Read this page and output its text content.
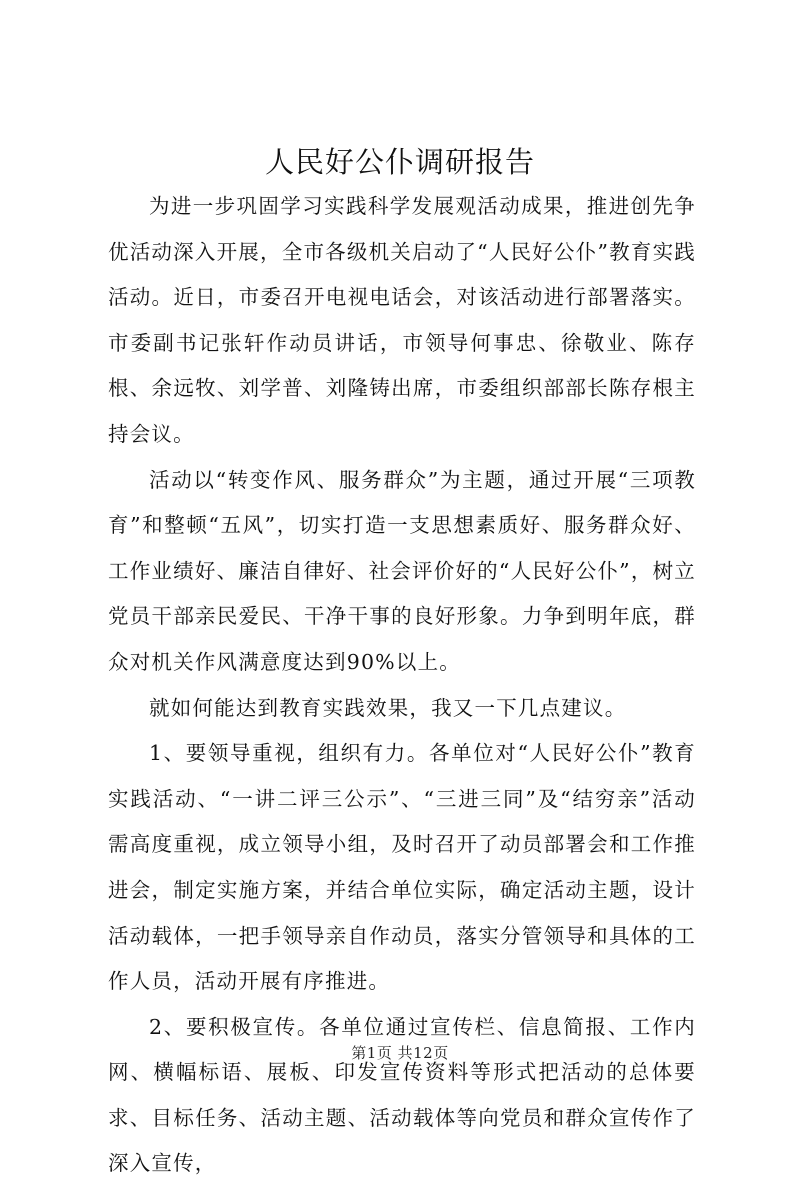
人民好公仆调研报告

为进一步巩固学习实践科学发展观活动成果，推进创先争优活动深入开展，全市各级机关启动了“人民好公仆”教育实践活动。近日，市委召开电视电话会，对该活动进行部署落实。市委副书记张轩作动员讲话，市领导何事忠、徐敬业、陈存根、余远牧、刘学普、刘隆铸出席，市委组织部部长陈存根主持会议。

活动以“转变作风、服务群众”为主题，通过开展“三项教育”和整顿“五风”，切实打造一支思想素质好、服务群众好、工作业绩好、廉洁自律好、社会评价好的“人民好公仆”，树立党员干部亲民爱民、干净干事的良好形象。力争到明年底，群众对机关作风满意度达到90%以上。

就如何能达到教育实践效果，我又一下几点建议。

1、要领导重视，组织有力。各单位对“人民好公仆”教育实践活动、“一讲二评三公示”、“三进三同”及“结穷亲”活动需高度重视，成立领导小组，及时召开了动员部署会和工作推进会，制定实施方案，并结合单位实际，确定活动主题，设计活动载体，一把手领导亲自作动员，落实分管领导和具体的工作人员，活动开展有序推进。

2、要积极宣传。各单位通过宣传栏、信息简报、工作内网、横幅标语、展板、印发宣传资料等形式把活动的总体要求、目标任务、活动主题、活动载体等向党员和群众宣传作了深入宣传，

第1页 共12页
